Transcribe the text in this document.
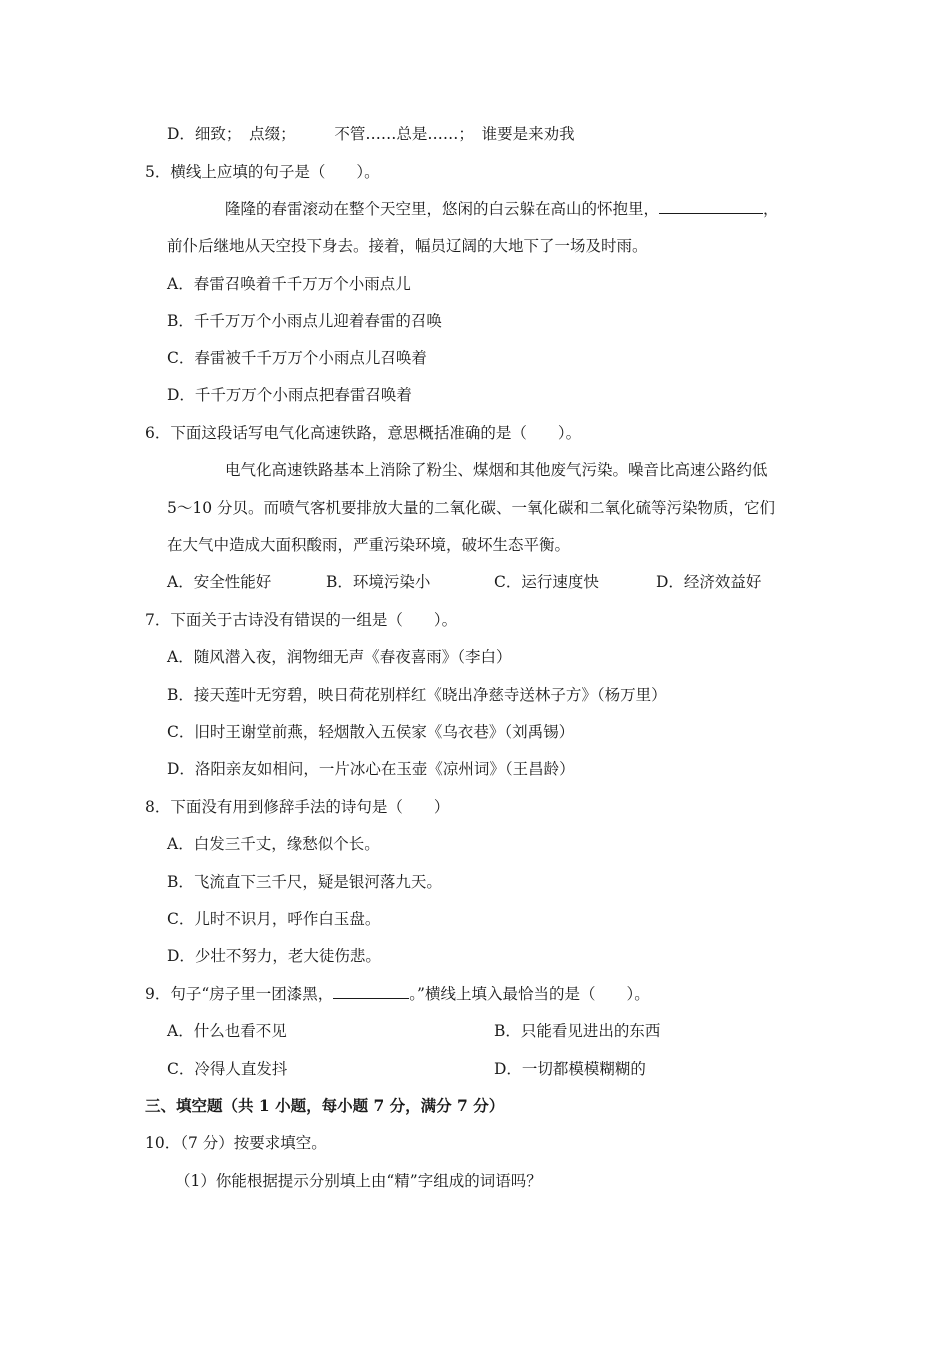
D．细致；　点缀；　　　不管……总是……；　谁要是来劝我
5．横线上应填的句子是（　　）。
隆隆的春雷滚动在整个天空里，悠闲的白云躲在高山的怀抱里，	，
前仆后继地从天空投下身去。接着，幅员辽阔的大地下了一场及时雨。
A．春雷召唤着千千万万个小雨点儿
B．千千万万个小雨点儿迎着春雷的召唤
C．春雷被千千万万个小雨点儿召唤着
D．千千万万个小雨点把春雷召唤着
6．下面这段话写电气化高速铁路，意思概括准确的是（　　）。
电气化高速铁路基本上消除了粉尘、煤烟和其他废气污染。噪音比高速公路约低
5～10 分贝。而喷气客机要排放大量的二氧化碳、一氧化碳和二氧化硫等污染物质，它们
在大气中造成大面积酸雨，严重污染环境，破坏生态平衡。
A．安全性能好	B．环境污染小	C．运行速度快	D．经济效益好
7．下面关于古诗没有错误的一组是（　　）。
A．随风潜入夜，润物细无声《春夜喜雨》（李白）
B．接天莲叶无穷碧，映日荷花别样红《晓出净慈寺送林子方》（杨万里）
C．旧时王谢堂前燕，轻烟散入五侯家《乌衣巷》（刘禹锡）
D．洛阳亲友如相问，一片冰心在玉壶《凉州词》（王昌龄）
8．下面没有用到修辞手法的诗句是（　　）
A．白发三千丈，缘愁似个长。
B．飞流直下三千尺，疑是银河落九天。
C．儿时不识月，呼作白玉盘。
D．少壮不努力，老大徒伤悲。
9．句子“房子里一团漆黑，	。”横线上填入最恰当的是（　　）。
A．什么也看不见	B．只能看见进出的东西
C．冷得人直发抖	D．一切都模模糊糊的
三、填空题（共 1 小题，每小题 7 分，满分 7 分）
10．（7 分）按要求填空。
（1）你能根据提示分别填上由“精”字组成的词语吗？
